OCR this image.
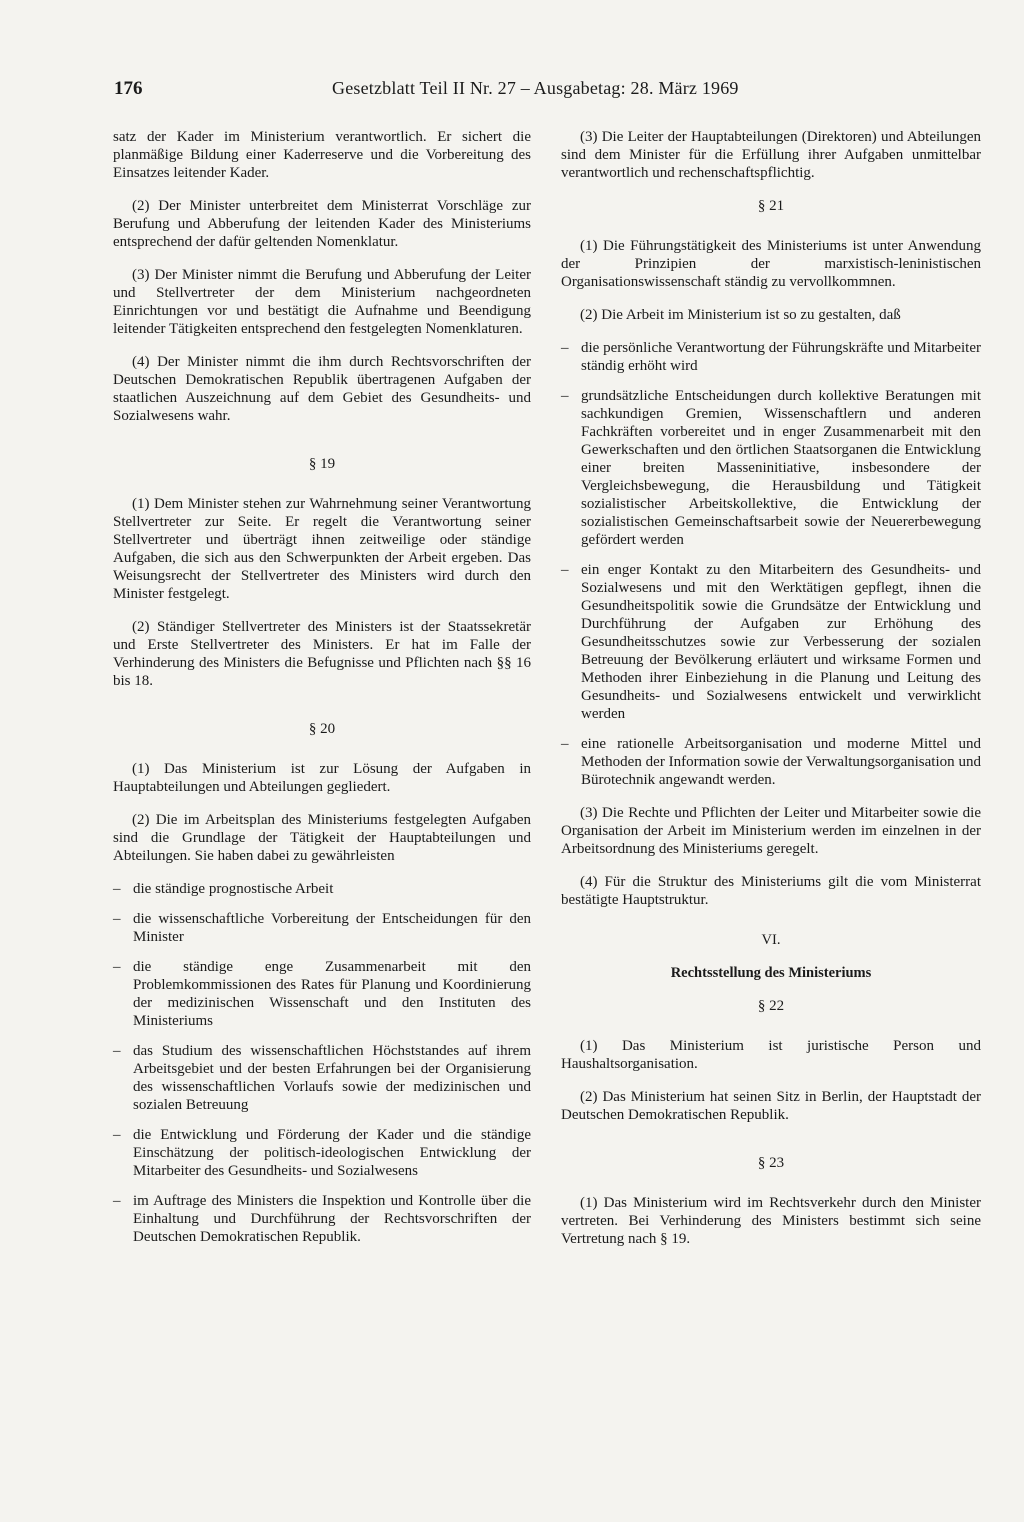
176	Gesetzblatt Teil II Nr. 27 – Ausgabetag: 28. März 1969

satz der Kader im Ministerium verantwortlich. Er sichert die planmäßige Bildung einer Kaderreserve und die Vorbereitung des Einsatzes leitender Kader.

(2) Der Minister unterbreitet dem Ministerrat Vorschläge zur Berufung und Abberufung der leitenden Kader des Ministeriums entsprechend der dafür geltenden Nomenklatur.

(3) Der Minister nimmt die Berufung und Abberufung der Leiter und Stellvertreter der dem Ministerium nachgeordneten Einrichtungen vor und bestätigt die Aufnahme und Beendigung leitender Tätigkeiten entsprechend den festgelegten Nomenklaturen.

(4) Der Minister nimmt die ihm durch Rechtsvorschriften der Deutschen Demokratischen Republik übertragenen Aufgaben der staatlichen Auszeichnung auf dem Gebiet des Gesundheits- und Sozialwesens wahr.

§ 19

(1) Dem Minister stehen zur Wahrnehmung seiner Verantwortung Stellvertreter zur Seite. Er regelt die Verantwortung seiner Stellvertreter und überträgt ihnen zeitweilige oder ständige Aufgaben, die sich aus den Schwerpunkten der Arbeit ergeben. Das Weisungsrecht der Stellvertreter des Ministers wird durch den Minister festgelegt.

(2) Ständiger Stellvertreter des Ministers ist der Staatssekretär und Erste Stellvertreter des Ministers. Er hat im Falle der Verhinderung des Ministers die Befugnisse und Pflichten nach §§ 16 bis 18.

§ 20

(1) Das Ministerium ist zur Lösung der Aufgaben in Hauptabteilungen und Abteilungen gegliedert.

(2) Die im Arbeitsplan des Ministeriums festgelegten Aufgaben sind die Grundlage der Tätigkeit der Hauptabteilungen und Abteilungen. Sie haben dabei zu gewährleisten

– die ständige prognostische Arbeit
– die wissenschaftliche Vorbereitung der Entscheidungen für den Minister
– die ständige enge Zusammenarbeit mit den Problemkommissionen des Rates für Planung und Koordinierung der medizinischen Wissenschaft und den Instituten des Ministeriums
– das Studium des wissenschaftlichen Höchststandes auf ihrem Arbeitsgebiet und der besten Erfahrungen bei der Organisierung des wissenschaftlichen Vorlaufs sowie der medizinischen und sozialen Betreuung
– die Entwicklung und Förderung der Kader und die ständige Einschätzung der politisch-ideologischen Entwicklung der Mitarbeiter des Gesundheits- und Sozialwesens
– im Auftrage des Ministers die Inspektion und Kontrolle über die Einhaltung und Durchführung der Rechtsvorschriften der Deutschen Demokratischen Republik.

(3) Die Leiter der Hauptabteilungen (Direktoren) und Abteilungen sind dem Minister für die Erfüllung ihrer Aufgaben unmittelbar verantwortlich und rechenschaftspflichtig.

§ 21

(1) Die Führungstätigkeit des Ministeriums ist unter Anwendung der Prinzipien der marxistisch-leninistischen Organisationswissenschaft ständig zu vervollkommnen.

(2) Die Arbeit im Ministerium ist so zu gestalten, daß

– die persönliche Verantwortung der Führungskräfte und Mitarbeiter ständig erhöht wird
– grundsätzliche Entscheidungen durch kollektive Beratungen mit sachkundigen Gremien, Wissenschaftlern und anderen Fachkräften vorbereitet und in enger Zusammenarbeit mit den Gewerkschaften und den örtlichen Staatsorganen die Entwicklung einer breiten Masseninitiative, insbesondere der Vergleichsbewegung, die Herausbildung und Tätigkeit sozialistischer Arbeitskollektive, die Entwicklung der sozialistischen Gemeinschaftsarbeit sowie der Neuererbewegung gefördert werden
– ein enger Kontakt zu den Mitarbeitern des Gesundheits- und Sozialwesens und mit den Werktätigen gepflegt, ihnen die Gesundheitspolitik sowie die Grundsätze der Entwicklung und Durchführung der Aufgaben zur Erhöhung des Gesundheitsschutzes sowie zur Verbesserung der sozialen Betreuung der Bevölkerung erläutert und wirksame Formen und Methoden ihrer Einbeziehung in die Planung und Leitung des Gesundheits- und Sozialwesens entwickelt und verwirklicht werden
– eine rationelle Arbeitsorganisation und moderne Mittel und Methoden der Information sowie der Verwaltungsorganisation und Bürotechnik angewandt werden.

(3) Die Rechte und Pflichten der Leiter und Mitarbeiter sowie die Organisation der Arbeit im Ministerium werden im einzelnen in der Arbeitsordnung des Ministeriums geregelt.

(4) Für die Struktur des Ministeriums gilt die vom Ministerrat bestätigte Hauptstruktur.

VI.
Rechtsstellung des Ministeriums
§ 22

(1) Das Ministerium ist juristische Person und Haushaltsorganisation.

(2) Das Ministerium hat seinen Sitz in Berlin, der Hauptstadt der Deutschen Demokratischen Republik.

§ 23

(1) Das Ministerium wird im Rechtsverkehr durch den Minister vertreten. Bei Verhinderung des Ministers bestimmt sich seine Vertretung nach § 19.
